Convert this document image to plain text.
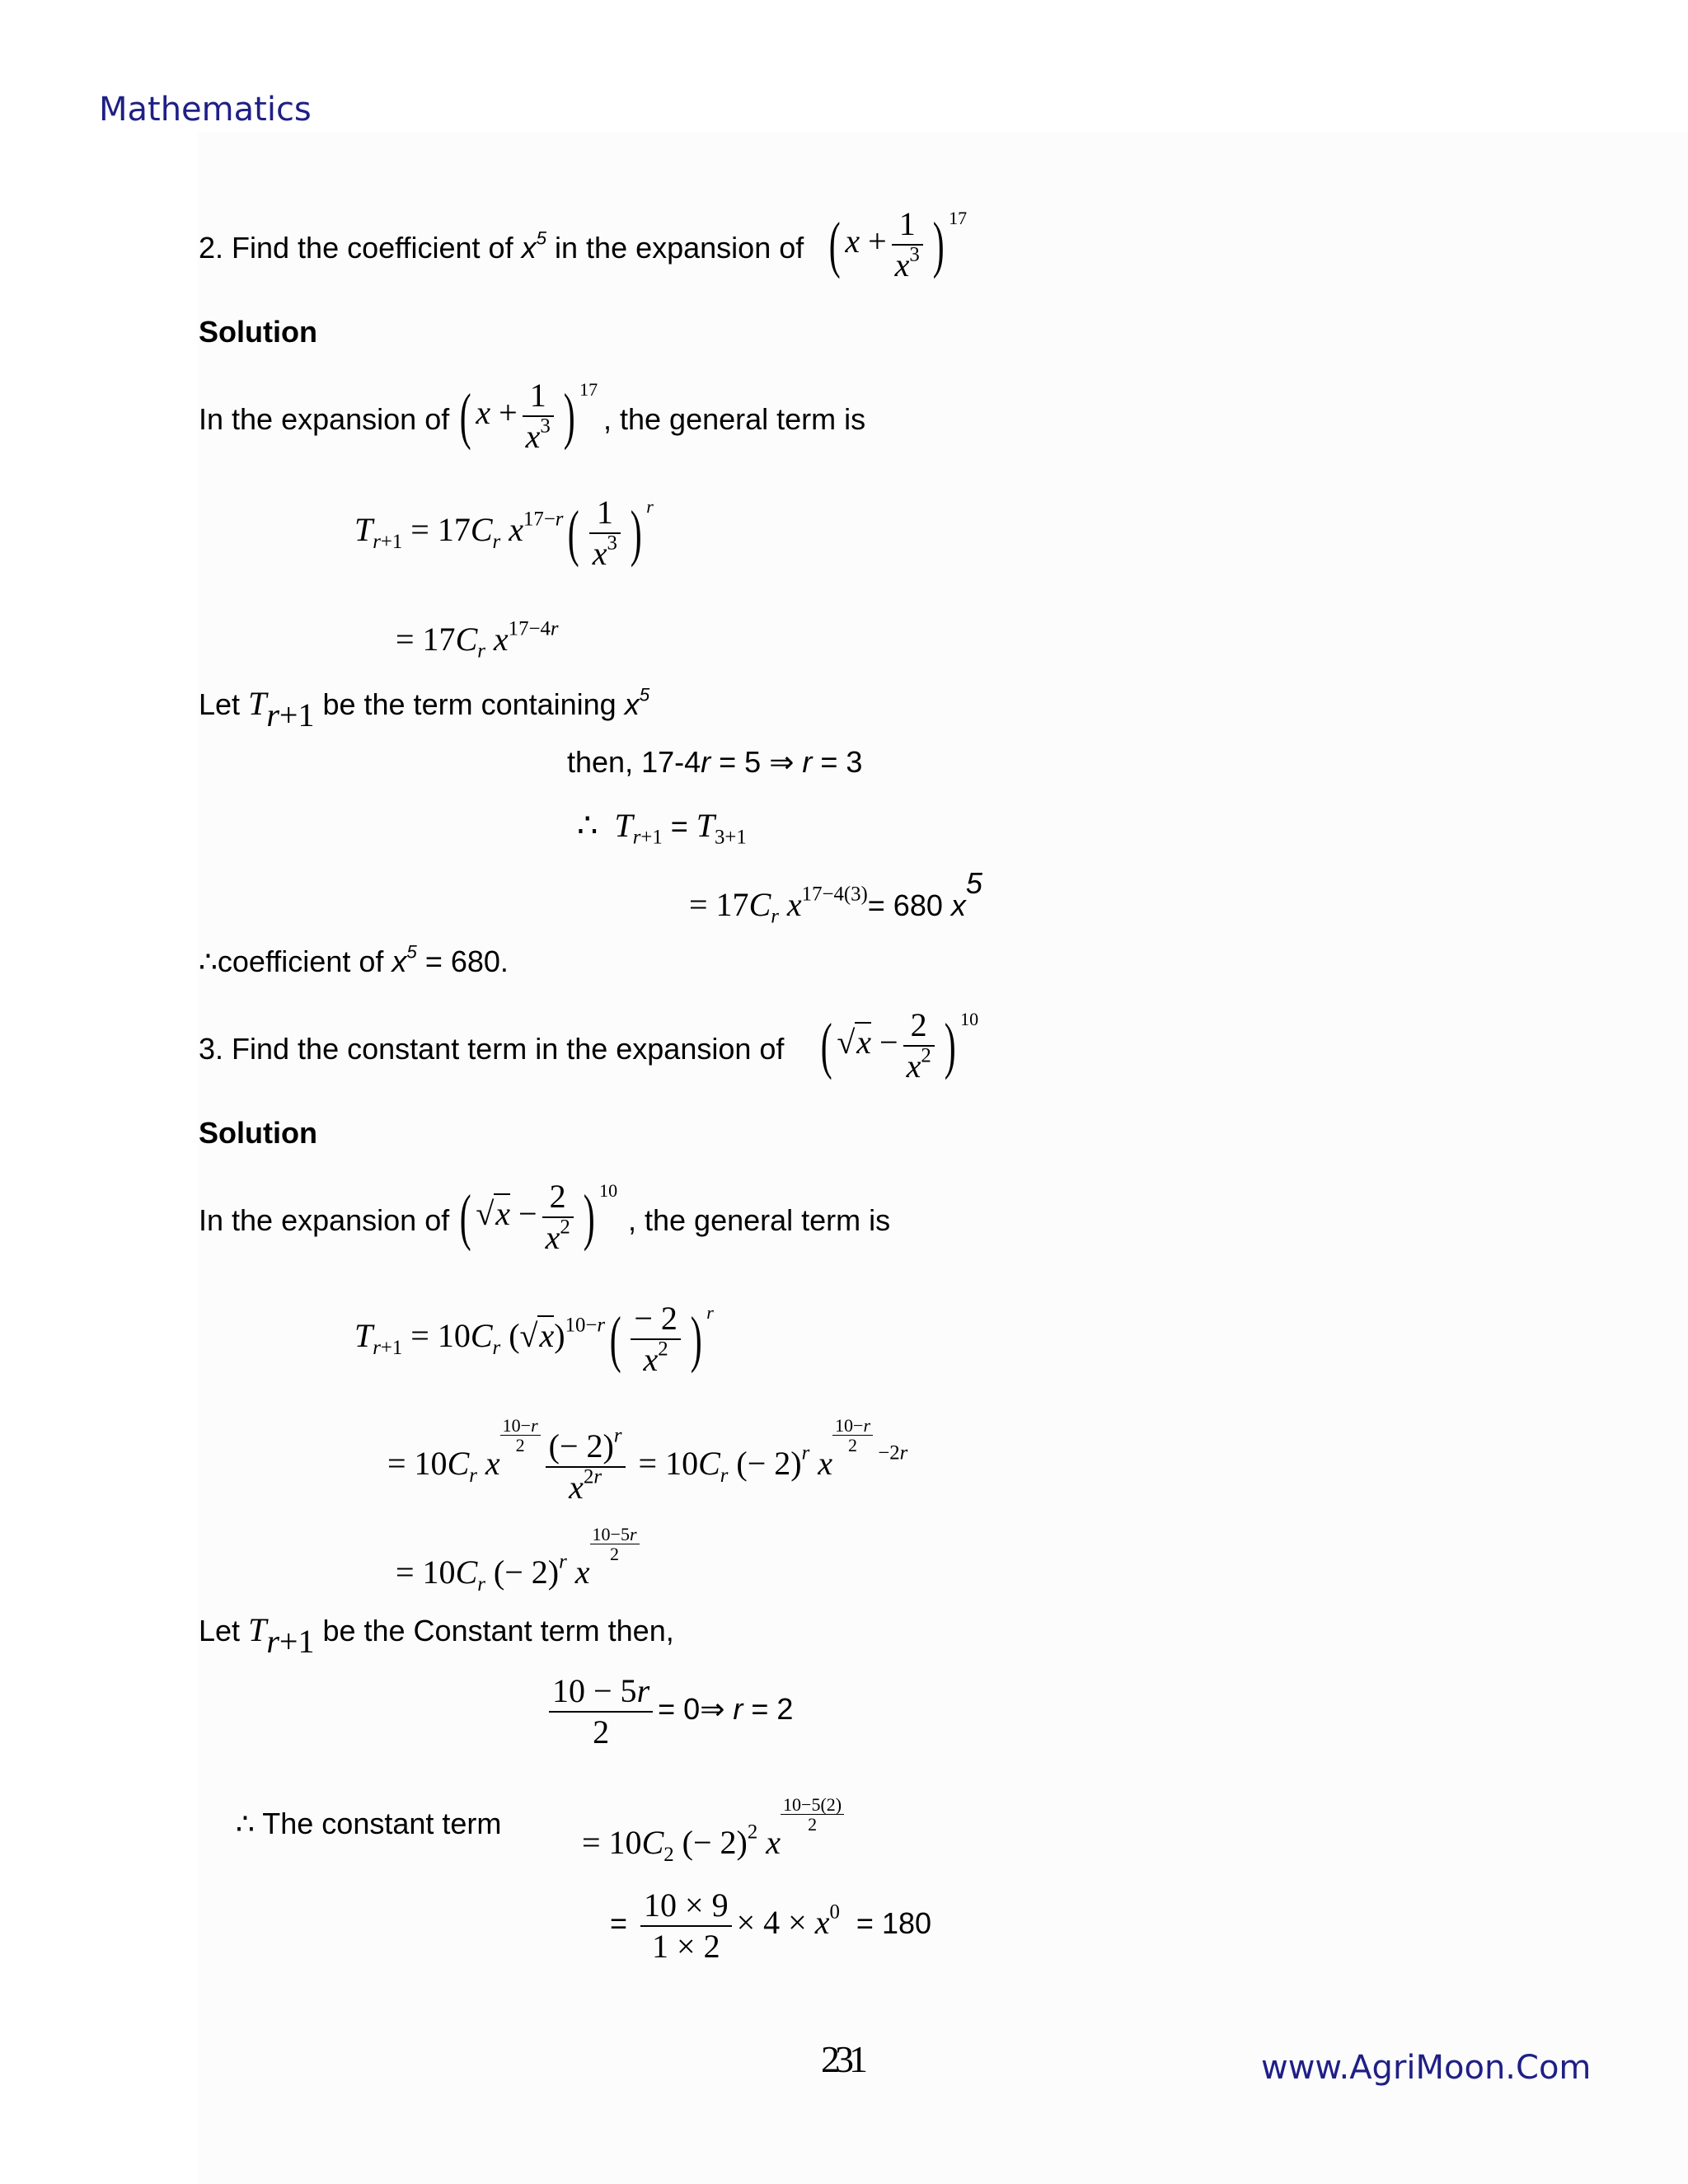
Mathematics
2. Find the coefficient of $x^5$ in the expansion of ( $x + \frac{1}{x^3}$ ) $^{17}$
Solution
In the expansion of ( $x + \frac{1}{x^3}$ ) $^{17}$
, the general term is
$T_{r+1} = 17C_r$ $x^{17-r}( \frac{1}{x^3}$ ) $^r$
= $17C_r$ $x^{17-4r}$
Let $T_{r+1}$ be the term containing $x^5$
then, 17-4r = 5 ⇒ r = 3
∴  $T_{r+1} = T_{3+1}$
= $17C_r$ $x^{17-4(3)}= 680$ $x^5$
∴coefficient of $x^5 = 680$.
3. Find the constant term in the expansion of ( $√x - \frac{2}{x^2}$ ) $^{10}$
Solution
In the expansion of ( $√x - \frac{2}{x^2}$ ) $^{10}$
, the general term is
$T_{r+1} = 10C_r$ $(√x)^{10-r}( \frac{- 2}{x^2}$ ) $^r$
= $10C_r$ x
$\frac{10-r}{2} \frac{(- 2)^r}{x^{2r}} = 10C_r$ (− 2)$^r$ x
$\frac{10-r}{2} ^{-2r}$
= $10C_r$ (− 2)$^r$ x
$\frac{10-5r}{2}$
Let $T_{r+1}$ be the Constant term then,
$\frac{10 - 5r}{2}$ = 0⇒ r = 2
∴ The constant term
= $10C_2$ (− 2)$^2$ x
$\frac{10-5(2)}{2}$
= $\frac{10 \times 9}{1 \times 2} \times 4 \times x^0 = 180$
231	www.AgriMoon.Com
